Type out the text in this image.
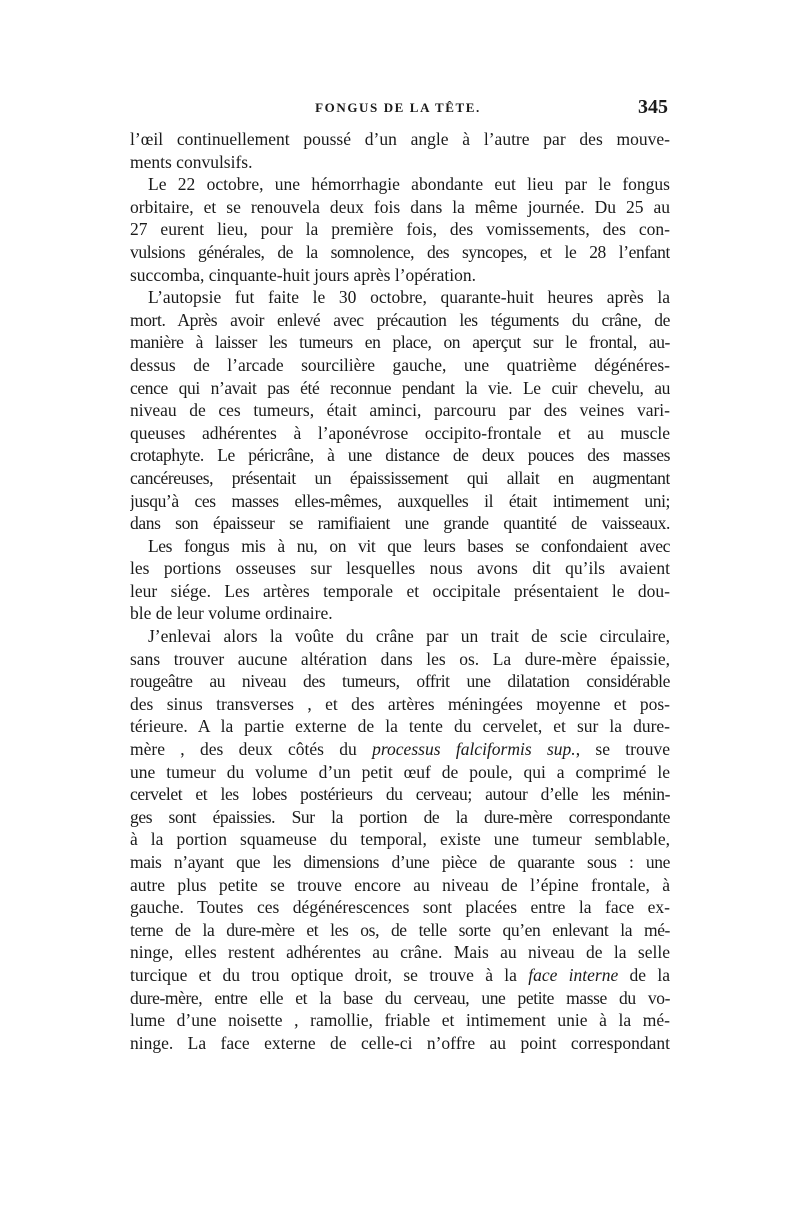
FONGUS DE LA TÊTE.	345
l’œil continuellement poussé d’un angle à l’autre par des mouve-
ments convulsifs.
Le 22 octobre, une hémorrhagie abondante eut lieu par le fongus
orbitaire, et se renouvela deux fois dans la même journée. Du 25 au
27 eurent lieu, pour la première fois, des vomissements, des con-
vulsions générales, de la somnolence, des syncopes, et le 28 l’enfant
succomba, cinquante-huit jours après l’opération.
L’autopsie fut faite le 30 octobre, quarante-huit heures après la
mort. Après avoir enlevé avec précaution les téguments du crâne, de
manière à laisser les tumeurs en place, on aperçut sur le frontal, au-
dessus de l’arcade sourcilière gauche, une quatrième dégénéres-
cence qui n’avait pas été reconnue pendant la vie. Le cuir chevelu, au
niveau de ces tumeurs, était aminci, parcouru par des veines vari-
queuses adhérentes à l’aponévrose occipito-frontale et au muscle
crotaphyte. Le péricrâne, à une distance de deux pouces des masses
cancéreuses, présentait un épaississement qui allait en augmentant
jusqu’à ces masses elles-mêmes, auxquelles il était intimement uni;
dans son épaisseur se ramifiaient une grande quantité de vaisseaux.
Les fongus mis à nu, on vit que leurs bases se confondaient avec
les portions osseuses sur lesquelles nous avons dit qu’ils avaient
leur siége. Les artères temporale et occipitale présentaient le dou-
ble de leur volume ordinaire.
J’enlevai alors la voûte du crâne par un trait de scie circulaire,
sans trouver aucune altération dans les os. La dure-mère épaissie,
rougeâtre au niveau des tumeurs, offrit une dilatation considérable
des sinus transverses , et des artères méningées moyenne et pos-
térieure. A la partie externe de la tente du cervelet, et sur la dure-
mère , des deux côtés du processus falciformis sup., se trouve
une tumeur du volume d’un petit œuf de poule, qui a comprimé le
cervelet et les lobes postérieurs du cerveau; autour d’elle les ménin-
ges sont épaissies. Sur la portion de la dure-mère correspondante
à la portion squameuse du temporal, existe une tumeur semblable,
mais n’ayant que les dimensions d’une pièce de quarante sous : une
autre plus petite se trouve encore au niveau de l’épine frontale, à
gauche. Toutes ces dégénérescences sont placées entre la face ex-
terne de la dure-mère et les os, de telle sorte qu’en enlevant la mé-
ninge, elles restent adhérentes au crâne. Mais au niveau de la selle
turcique et du trou optique droit, se trouve à la face interne de la
dure-mère, entre elle et la base du cerveau, une petite masse du vo-
lume d’une noisette , ramollie, friable et intimement unie à la mé-
ninge. La face externe de celle-ci n’offre au point correspondant
